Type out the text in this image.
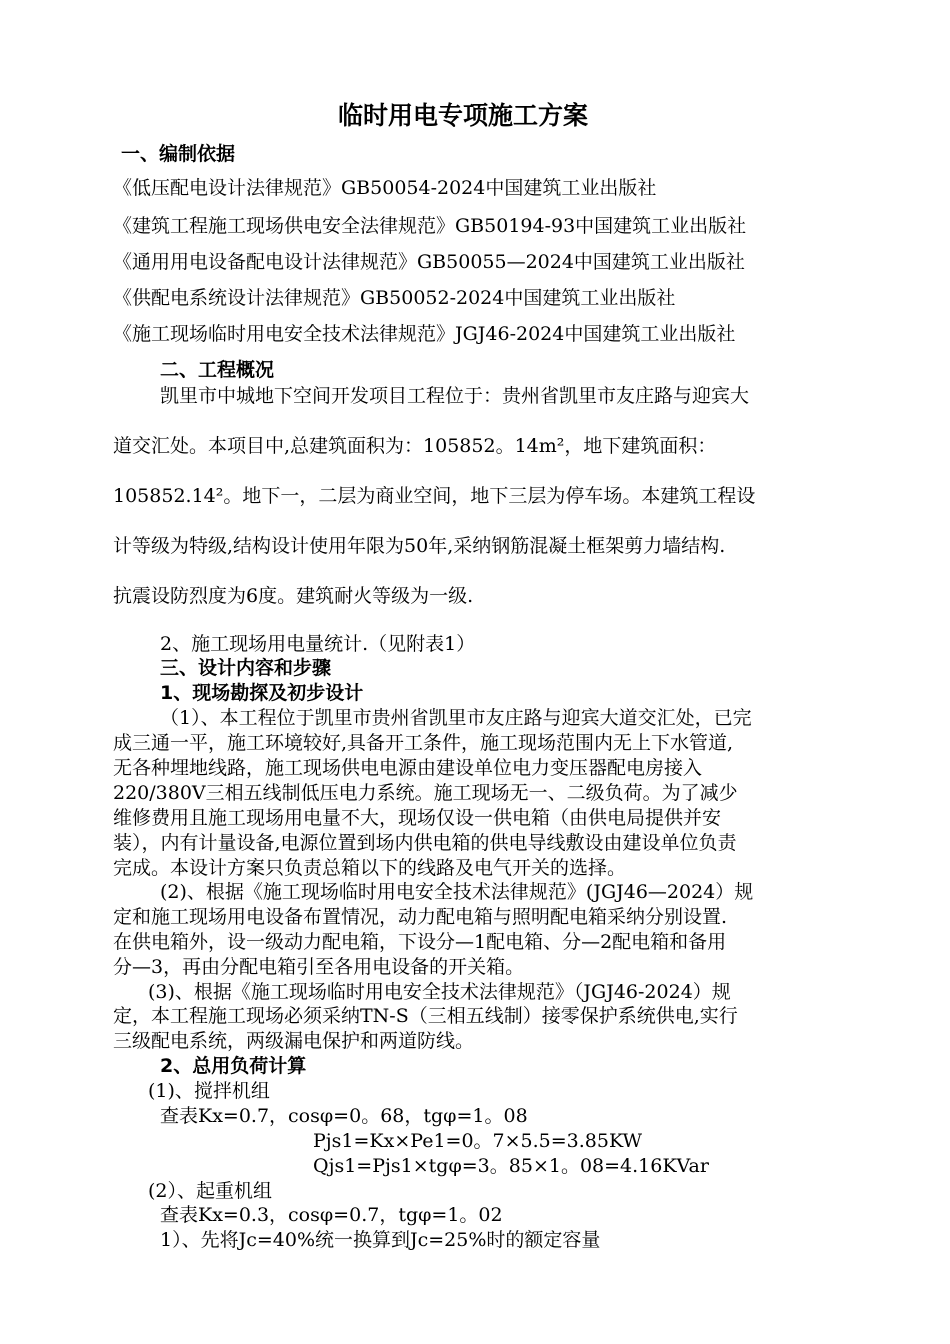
临时用电专项施工方案
一、编制依据
《低压配电设计法律规范》GB50054-2024中国建筑工业出版社
《建筑工程施工现场供电安全法律规范》GB50194-93中国建筑工业出版社
《通用用电设备配电设计法律规范》GB50055—2024中国建筑工业出版社
《供配电系统设计法律规范》GB50052-2024中国建筑工业出版社
《施工现场临时用电安全技术法律规范》JGJ46-2024中国建筑工业出版社
二、工程概况
凯里市中城地下空间开发项目工程位于：贵州省凯里市友庄路与迎宾大
道交汇处。本项目中,总建筑面积为：105852。14m²，地下建筑面积：
105852.14²。地下一，二层为商业空间，地下三层为停车场。本建筑工程设
计等级为特级,结构设计使用年限为50年,采纳钢筋混凝土框架剪力墙结构.
抗震设防烈度为6度。建筑耐火等级为一级.
2、施工现场用电量统计.（见附表1）
三、设计内容和步骤
1、现场勘探及初步设计
（1）、本工程位于凯里市贵州省凯里市友庄路与迎宾大道交汇处，已完
成三通一平，施工环境较好,具备开工条件，施工现场范围内无上下水管道,
无各种埋地线路，施工现场供电电源由建设单位电力变压器配电房接入
220/380V三相五线制低压电力系统。施工现场无一、二级负荷。为了减少
维修费用且施工现场用电量不大，现场仅设一供电箱（由供电局提供并安
装），内有计量设备,电源位置到场内供电箱的供电导线敷设由建设单位负责
完成。本设计方案只负责总箱以下的线路及电气开关的选择。
(2)、根据《施工现场临时用电安全技术法律规范》(JGJ46—2024）规
定和施工现场用电设备布置情况，动力配电箱与照明配电箱采纳分别设置.
在供电箱外，设一级动力配电箱，下设分—1配电箱、分—2配电箱和备用
分—3，再由分配电箱引至各用电设备的开关箱。
(3)、根据《施工现场临时用电安全技术法律规范》（JGJ46-2024）规
定，本工程施工现场必须采纳TN-S（三相五线制）接零保护系统供电,实行
三级配电系统，两级漏电保护和两道防线。
2、总用负荷计算
(1)、搅拌机组
查表Kx=0.7，cosφ=0。68，tgφ=1。08
Pjs1=Kx×Pe1=0。7×5.5=3.85KW
Qjs1=Pjs1×tgφ=3。85×1。08=4.16KVar
(2）、起重机组
查表Kx=0.3，cosφ=0.7，tgφ=1。02
1）、先将Jc=40%统一换算到Jc=25%时的额定容量
